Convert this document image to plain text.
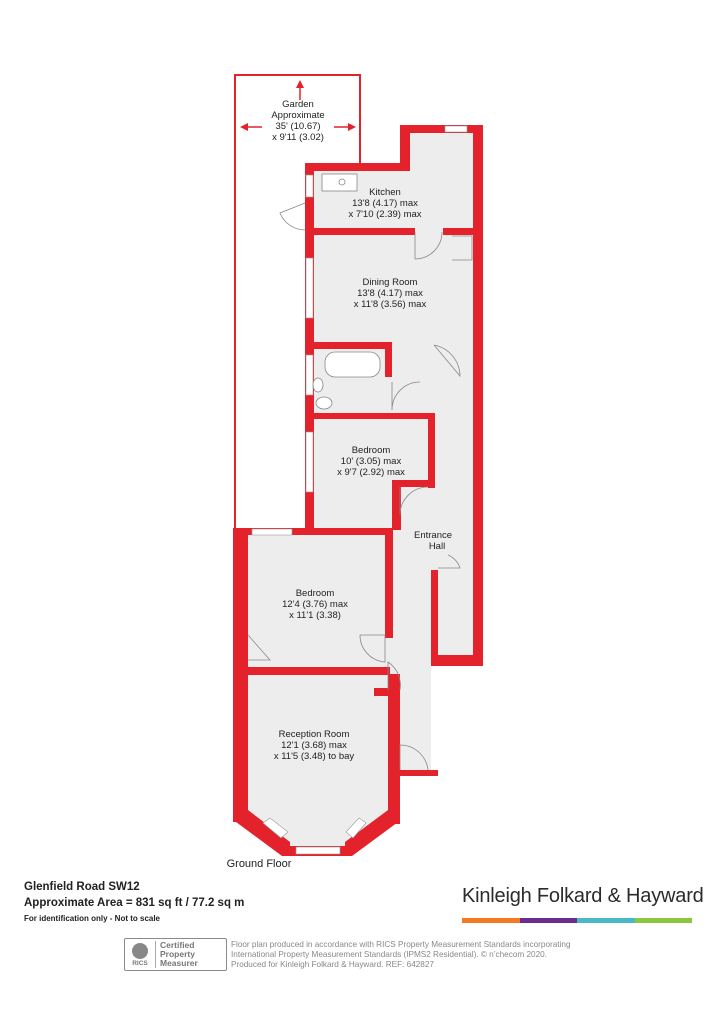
Garden Approximate 35' (10.67) x 9'11 (3.02)
Kitchen 13'8 (4.17) max x 7'10 (2.39) max
Dining Room 13'8 (4.17) max x 11'8 (3.56) max
Bedroom 10' (3.05) max x 9'7 (2.92) max
Entrance Hall
Bedroom 12'4 (3.76) max x 11'1 (3.38)
Reception Room 12'1 (3.68) max x 11'5 (3.48) to bay
Ground Floor
Glenfield Road SW12
Approximate Area = 831 sq ft / 77.2 sq m
For identification only - Not to scale
Kinleigh Folkard & Hayward
RICS
Certified
Property
Measurer
Floor plan produced in accordance with RICS Property Measurement Standards incorporating
International Property Measurement Standards (IPMS2 Residential). © n’checom 2020.
Produced for Kinleigh Folkard & Hayward. REF: 642827
